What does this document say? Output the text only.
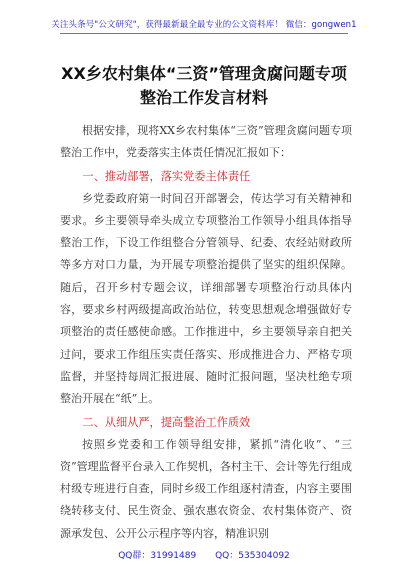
关注头条号"公文研究"，获得最新最全最专业的公文资料库！ 微信：gongwen1
XX乡农村集体“三资”管理贪腐问题专项
整治工作发言材料

根据安排，现将XX乡农村集体“三资”管理贪腐问题专项整治工作中，党委落实主体责任情况汇报如下：

一、推动部署，落实党委主体责任

乡党委政府第一时间召开部署会，传达学习有关精神和要求。乡主要领导牵头成立专项整治工作领导小组具体指导整治工作，下设工作组整合分管领导、纪委、农经站财政所等多方对口力量，为开展专项整治提供了坚实的组织保障。随后，召开乡村专题会议，详细部署专项整治行动具体内容，要求乡村两级提高政治站位，转变思想观念增强做好专项整治的责任感使命感。工作推进中，乡主要领导亲自把关过问，要求工作组压实责任落实、形成推进合力、严格专项监督，并坚持每周汇报进展、随时汇报问题，坚决杜绝专项整治开展在“纸”上。

二、从细从严，提高整治工作质效

按照乡党委和工作领导组安排，紧抓“清化收”、“三资”管理监督平台录入工作契机，各村主干、会计等先行组成村级专班进行自查，同时乡级工作组逐村清查，内容主要围绕转移支付、民生资金、强农惠农资金、农村集体资产、资源承发包、公开公示程序等内容，精准识别

QQ群：31991489 QQ：535304092
